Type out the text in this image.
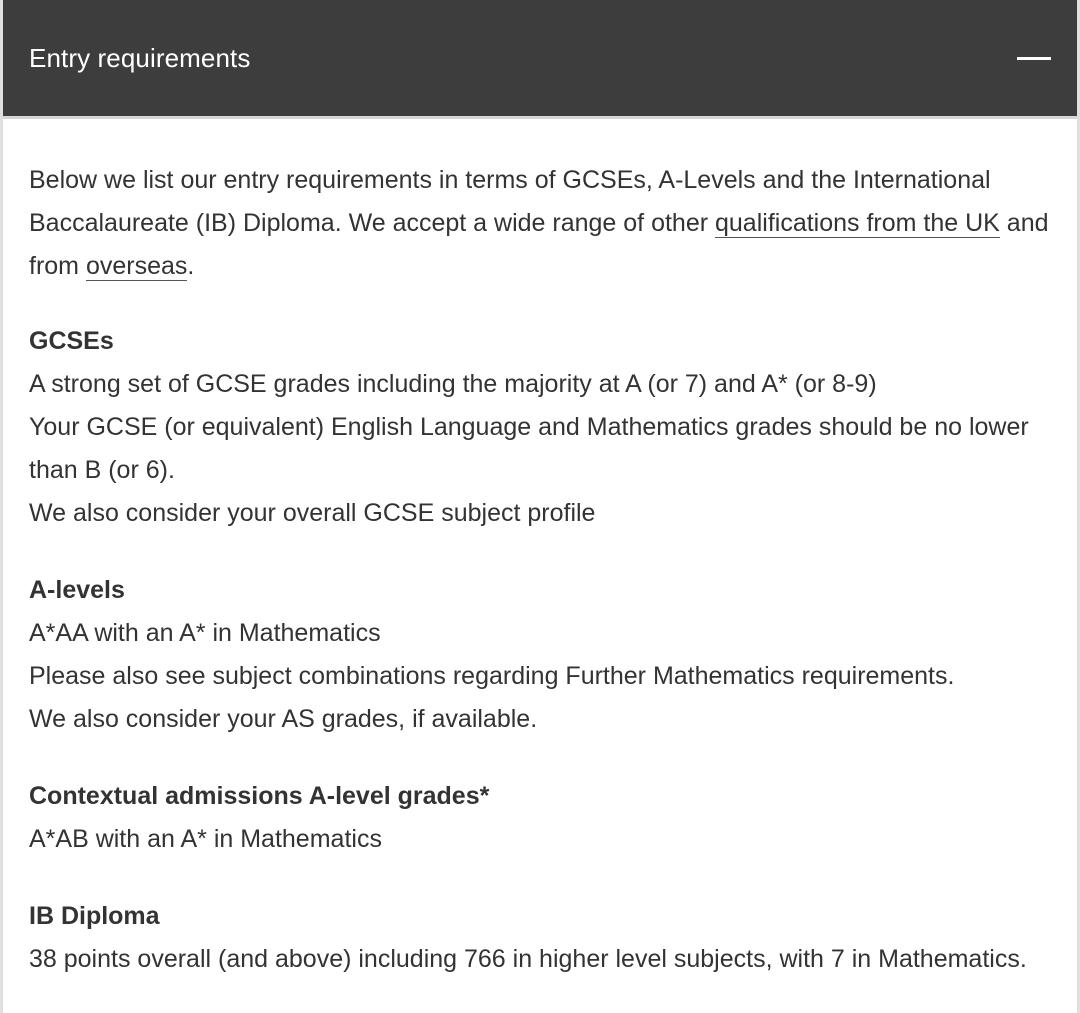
Entry requirements

Below we list our entry requirements in terms of GCSEs, A-Levels and the International Baccalaureate (IB) Diploma. We accept a wide range of other qualifications from the UK and from overseas.

GCSEs

A strong set of GCSE grades including the majority at A (or 7) and A* (or 8-9)
Your GCSE (or equivalent) English Language and Mathematics grades should be no lower than B (or 6).
We also consider your overall GCSE subject profile

A-levels

A*AA with an A* in Mathematics
Please also see subject combinations regarding Further Mathematics requirements.
We also consider your AS grades, if available.

Contextual admissions A-level grades*

A*AB with an A* in Mathematics

IB Diploma

38 points overall (and above) including 766 in higher level subjects, with 7 in Mathematics.
